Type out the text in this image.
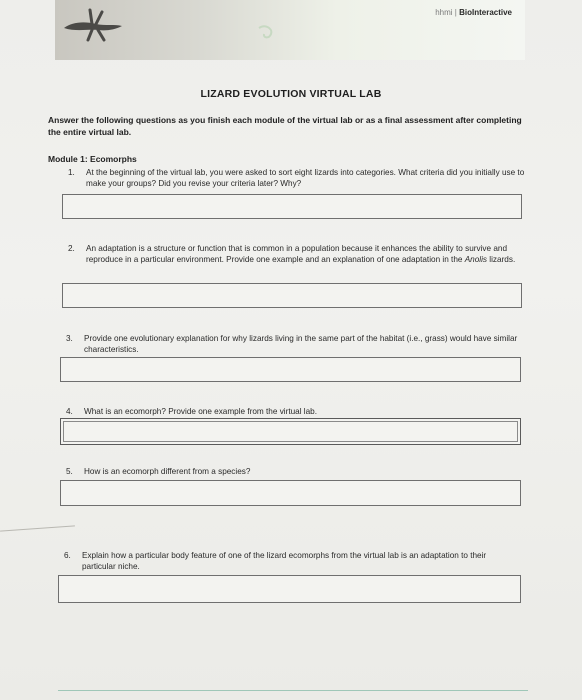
hhmi | BioInteractive
LIZARD EVOLUTION VIRTUAL LAB
Answer the following questions as you finish each module of the virtual lab or as a final assessment after completing the entire virtual lab.
Module 1: Ecomorphs
1. At the beginning of the virtual lab, you were asked to sort eight lizards into categories. What criteria did you initially use to make your groups? Did you revise your criteria later? Why?
2. An adaptation is a structure or function that is common in a population because it enhances the ability to survive and reproduce in a particular environment. Provide one example and an explanation of one adaptation in the Anolis lizards.
3. Provide one evolutionary explanation for why lizards living in the same part of the habitat (i.e., grass) would have similar characteristics.
4. What is an ecomorph? Provide one example from the virtual lab.
5. How is an ecomorph different from a species?
6. Explain how a particular body feature of one of the lizard ecomorphs from the virtual lab is an adaptation to their particular niche.
